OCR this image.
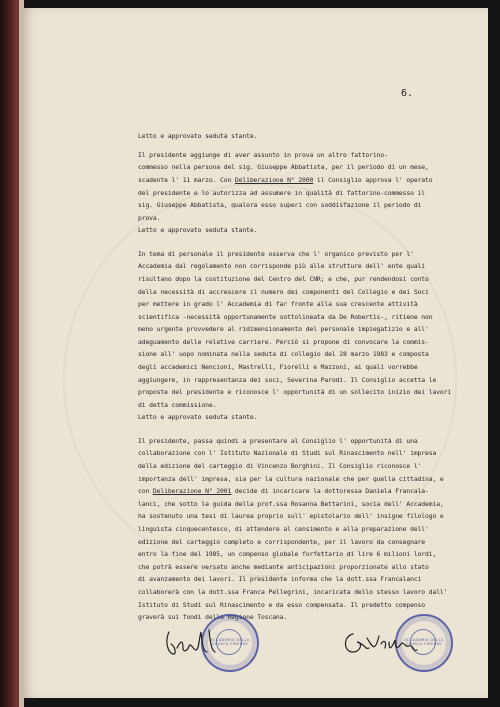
6.
Letto e approvato seduta stante.
Il presidente aggiunge di aver assunto in prova un altro fattorino-
commesso nella persona del sig. Giuseppe Abbatista, per il periodo di un mese,
scadente l' 11 marzo. Con Deliberazione N° 2000 il Consiglio approva l' operato
del presidente e lo autorizza ad assumere in qualità di fattorino-commesso il
sig. Giuseppe Abbatista, qualora esso superi con soddisfazione il periodo di
prova.
Letto e approvato seduta stante.
In tema di personale il presidente osserva che l' organico previsto per l'
Accademia dal regolamento non corrisponde più alle strutture dell' ente quali
risultano dopo la costituzione del Centro del CNR; e che, pur rendendosi conto
della necessità di accrescere il numero dei componenti del Collegio e dei Soci
per mettere in grado l' Accademia di far fronte alla sua crescente attività
scientifica -necessità opportunamente sottolineata da De Robertis-, ritiene non
meno urgente provvedere al ridimensionamento del personale impiegatizio e all'
adeguamento delle relative carriere. Perciò si propone di convocare la commis-
sione all' uopo nominata nella seduta di collegio del 28 marzo 1983 e composta
degli accademici Nencioni, Mastrelli, Fiorelli e Mazzoni, ai quali vorrebbe
aggiungere, in rappresentanza dei soci, Severina Parodi. Il Consiglio accetta le
proposte del presidente e riconosce l' opportunità di un sollecito inizio dei lavori
di detta commissione.
Letto e approvato seduta stante.
Il presidente, passa quindi a presentare al Consiglio l' opportunità di una
collaborazione con l' Istituto Nazionale di Studi sul Rinascimento nell' impresa
della edizione del carteggio di Vincenzo Borghini. Il Consiglio riconosce l'
importanza dell' impresa, sia per la cultura nazionale che per quella cittadina, e
con Deliberazione N° 2001 decide di incaricare la dottoressa Daniela Francala-
lanci, che sotto la guida della prof.ssa Rosanna Bettarini, socia dell' Accademia,
ha sostenuto una tesi di laurea proprio sull' epistolario dell' insigne filologo e
linguista cinquecentesco, di attendere al censimento e alla preparazione dell'
edizione del carteggio completo e corrispondente, per il lavoro da consegnare
entro la fine del 1985, un compenso globale forfettario di lire 6 milioni lordi,
che potrà essere versato anche mediante anticipazioni proporzionate allo stato
di avanzamento dei lavori. Il presidente informa che la dott.ssa Francalanci
collaborerà con la dott.ssa Franca Pellegrini, incaricata dello stesso lavoro dall'
Istituto di Studi sul Rinascimento e da esso compensata. Il predetto compenso
graverà sui fondi della Regione Toscana.
ACCADEMIA DELLA CRUSCA FIRENZE
ACCADEMIA DELLA CRUSCA FIRENZE
